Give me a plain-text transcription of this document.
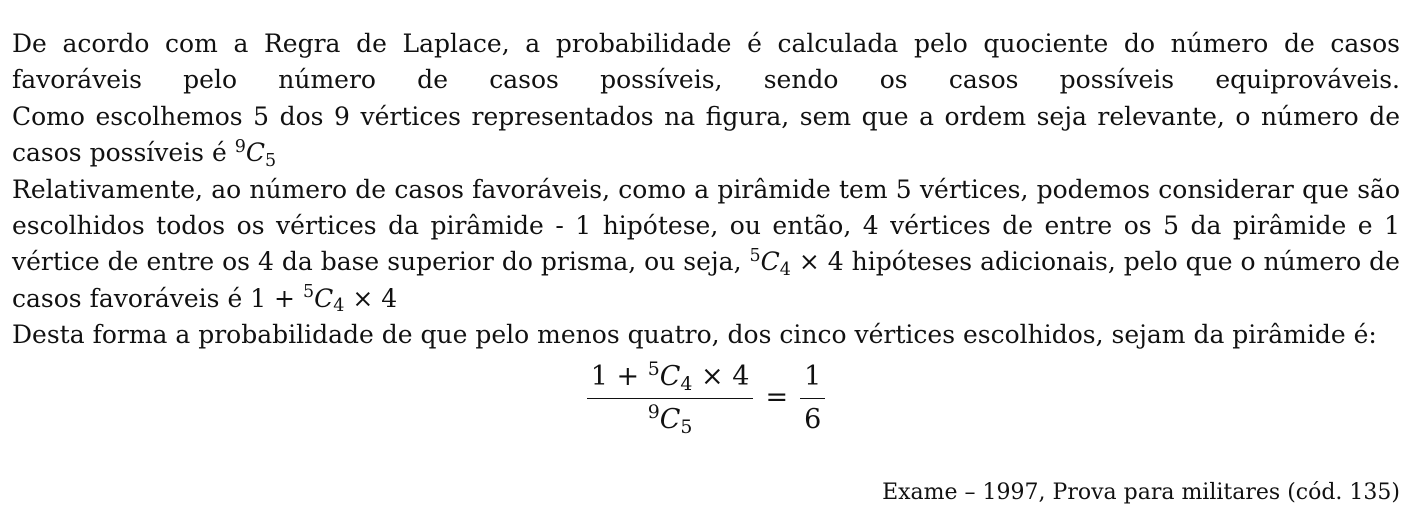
De acordo com a Regra de Laplace, a probabilidade é calculada pelo quociente do número de casos favoráveis pelo número de casos possíveis, sendo os casos possíveis equiprováveis.

Como escolhemos 5 dos 9 vértices representados na figura, sem que a ordem seja relevante, o número de casos possíveis é $^9C_5$

Relativamente, ao número de casos favoráveis, como a pirâmide tem 5 vértices, podemos considerar que são escolhidos todos os vértices da pirâmide - 1 hipótese, ou então, 4 vértices de entre os 5 da pirâmide e 1 vértice de entre os 4 da base superior do prisma, ou seja, $^5C_4 \times 4$ hipóteses adicionais, pelo que o número de casos favoráveis é $1 + ^5C_4 \times 4$

Desta forma a probabilidade de que pelo menos quatro, dos cinco vértices escolhidos, sejam da pirâmide é:

$\frac{1 + ^5C_4 \times 4}{^9C_5} = \frac{1}{6}$
Exame – 1997, Prova para militares (cód. 135)
